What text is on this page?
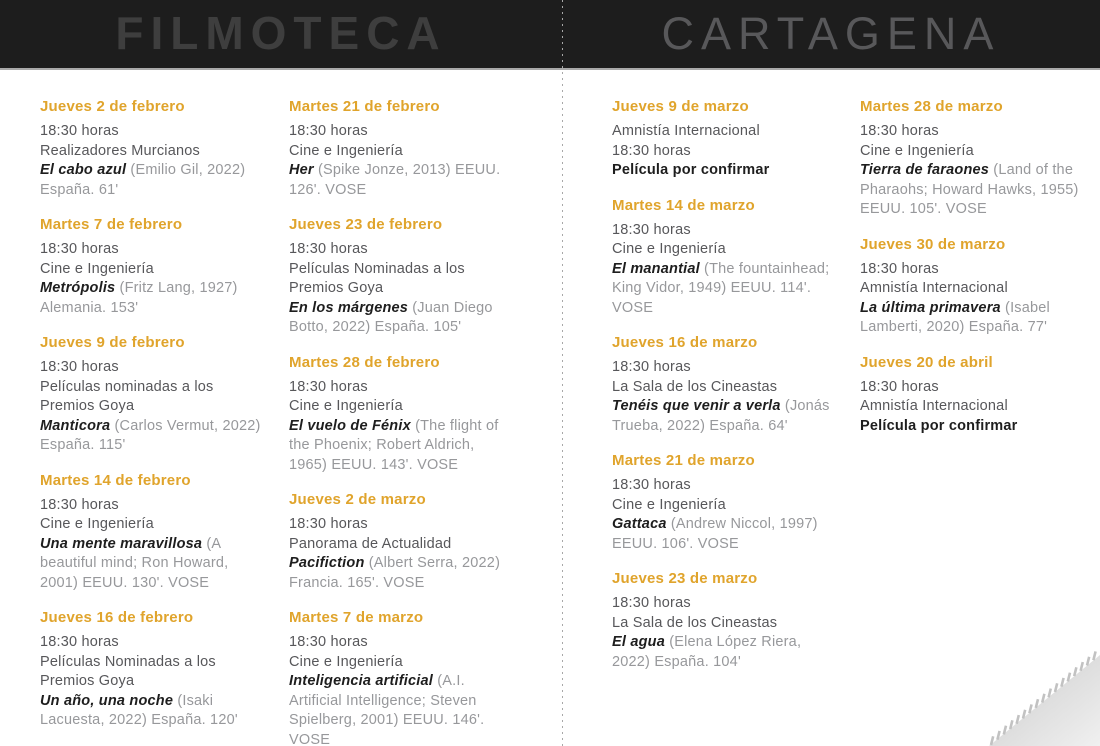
FILMOTECA	CARTAGENA
Jueves 2 de febrero
18:30 horas
Realizadores Murcianos
El cabo azul (Emilio Gil, 2022) España. 61'
Martes 7 de febrero
18:30 horas
Cine e Ingeniería
Metrópolis (Fritz Lang, 1927) Alemania. 153'
Jueves 9 de febrero
18:30 horas
Películas nominadas a los Premios Goya
Manticora (Carlos Vermut, 2022) España. 115'
Martes 14 de febrero
18:30 horas
Cine e Ingeniería
Una mente maravillosa (A beautiful mind; Ron Howard, 2001) EEUU. 130'. VOSE
Jueves 16 de febrero
18:30 horas
Películas Nominadas a los Premios Goya
Un año, una noche (Isaki Lacuesta, 2022) España. 120'
Martes 21 de febrero
18:30 horas
Cine e Ingeniería
Her (Spike Jonze, 2013) EEUU. 126'. VOSE
Jueves 23 de febrero
18:30 horas
Películas Nominadas a los Premios Goya
En los márgenes (Juan Diego Botto, 2022) España. 105'
Martes 28 de febrero
18:30 horas
Cine e Ingeniería
El vuelo de Fénix (The flight of the Phoenix; Robert Aldrich, 1965) EEUU. 143'. VOSE
Jueves 2 de marzo
18:30 horas
Panorama de Actualidad
Pacifiction (Albert Serra, 2022) Francia. 165'. VOSE
Martes 7 de marzo
18:30 horas
Cine e Ingeniería
Inteligencia artificial (A.I. Artificial Intelligence; Steven Spielberg, 2001) EEUU. 146'. VOSE
Jueves 9 de marzo
Amnistía Internacional
18:30 horas
Película por confirmar
Martes 14 de marzo
18:30 horas
Cine e Ingeniería
El manantial (The fountainhead; King Vidor, 1949) EEUU. 114'. VOSE
Jueves 16 de marzo
18:30 horas
La Sala de los Cineastas
Tenéis que venir a verla (Jonás Trueba, 2022) España. 64'
Martes 21 de marzo
18:30 horas
Cine e Ingeniería
Gattaca (Andrew Niccol, 1997) EEUU. 106'. VOSE
Jueves 23 de marzo
18:30 horas
La Sala de los Cineastas
El agua (Elena López Riera, 2022) España. 104'
Martes 28 de marzo
18:30 horas
Cine e Ingeniería
Tierra de faraones (Land of the Pharaohs; Howard Hawks, 1955) EEUU. 105'. VOSE
Jueves 30 de marzo
18:30 horas
Amnistía Internacional
La última primavera (Isabel Lamberti, 2020) España. 77'
Jueves 20 de abril
18:30 horas
Amnistía Internacional
Película por confirmar
